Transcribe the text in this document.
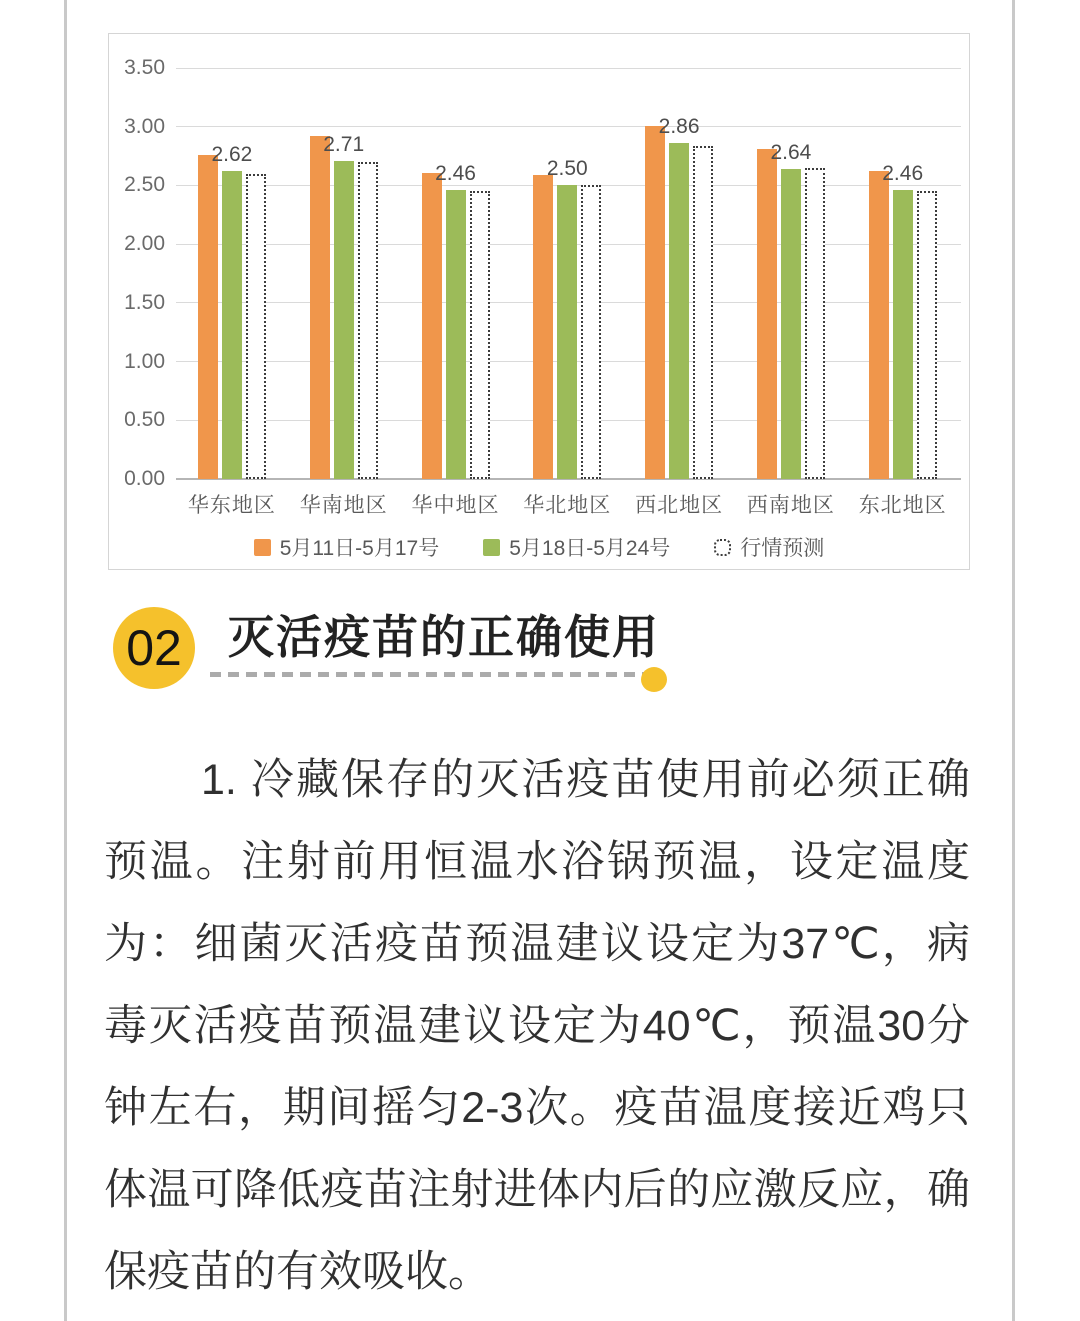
3.50
3.00
2.50
2.00
1.50
1.00
0.50
0.00
2.62
华东地区
2.71
华南地区
2.46
华中地区
2.50
华北地区
2.86
西北地区
2.64
西南地区
2.46
东北地区
5月11日-5月17号	5月18日-5月24号	行情预测
02 灭活疫苗的正确使用

1. 冷藏保存的灭活疫苗使用前必须正确预温。注射前用恒温水浴锅预温，设定温度为：细菌灭活疫苗预温建议设定为37℃，病毒灭活疫苗预温建议设定为40℃，预温30分钟左右，期间摇匀2-3次。疫苗温度接近鸡只体温可降低疫苗注射进体内后的应激反应，确保疫苗的有效吸收。
